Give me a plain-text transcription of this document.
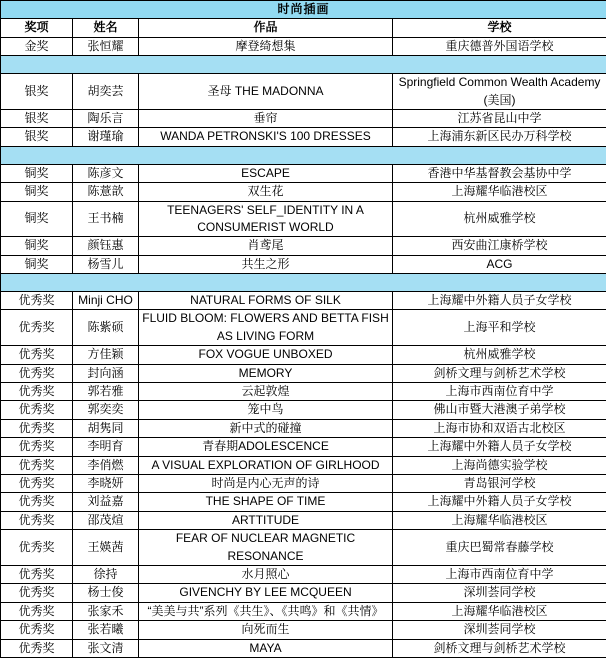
时尚插画			
奖项	姓名	作品	学校
金奖	张恒耀	摩登绮想集	重庆德普外国语学校

银奖	胡奕芸	圣母 THE MADONNA	Springfield Common Wealth Academy (美国)
银奖	陶乐言	垂帘	江苏省昆山中学
银奖	谢瑾瑜	WANDA PETRONSKI'S 100 DRESSES	上海浦东新区民办万科学校

铜奖	陈彦文	ESCAPE	香港中华基督教会基协中学
铜奖	陈薏歆	双生花	上海耀华临港校区
铜奖	王书楠	TEENAGERS' SELF_IDENTITY IN A CONSUMERIST WORLD	杭州威雅学校
铜奖	颜钰惠	肖鸢尾	西安曲江康桥学校
铜奖	杨雪儿	共生之形	ACG

优秀奖	Minji CHO	NATURAL FORMS OF SILK	上海耀中外籍人员子女学校
优秀奖	陈紫硕	FLUID BLOOM: FLOWERS AND BETTA FISH AS LIVING FORM	上海平和学校
优秀奖	方佳颖	FOX VOGUE UNBOXED	杭州威雅学校
优秀奖	封向涵	MEMORY	剑桥文理与剑桥艺术学校
优秀奖	郭若雅	云起敦煌	上海市西南位育中学
优秀奖	郭奕奕	笼中鸟	佛山市暨大港澳子弟学校
优秀奖	胡隽同	新中式的碰撞	上海市协和双语古北校区
优秀奖	李明育	青春期ADOLESCENCE	上海耀中外籍人员子女学校
优秀奖	李俏燃	A VISUAL EXPLORATION OF GIRLHOOD	上海尚德实验学校
优秀奖	李晓妍	时尚是内心无声的诗	青岛银河学校
优秀奖	刘益嘉	THE SHAPE OF TIME	上海耀中外籍人员子女学校
优秀奖	邵茂煊	ARTTITUDE	上海耀华临港校区
优秀奖	王媖茜	FEAR OF NUCLEAR MAGNETIC RESONANCE	重庆巴蜀常春藤学校
优秀奖	徐持	水月照心	上海市西南位育中学
优秀奖	杨士俊	GIVENCHY BY LEE MCQUEEN	深圳荟同学校
优秀奖	张家禾	“美美与共”系列《共生》、《共鸣》和《共情》	上海耀华临港校区
优秀奖	张若曦	向死而生	深圳荟同学校
优秀奖	张文清	MAYA	剑桥文理与剑桥艺术学校
